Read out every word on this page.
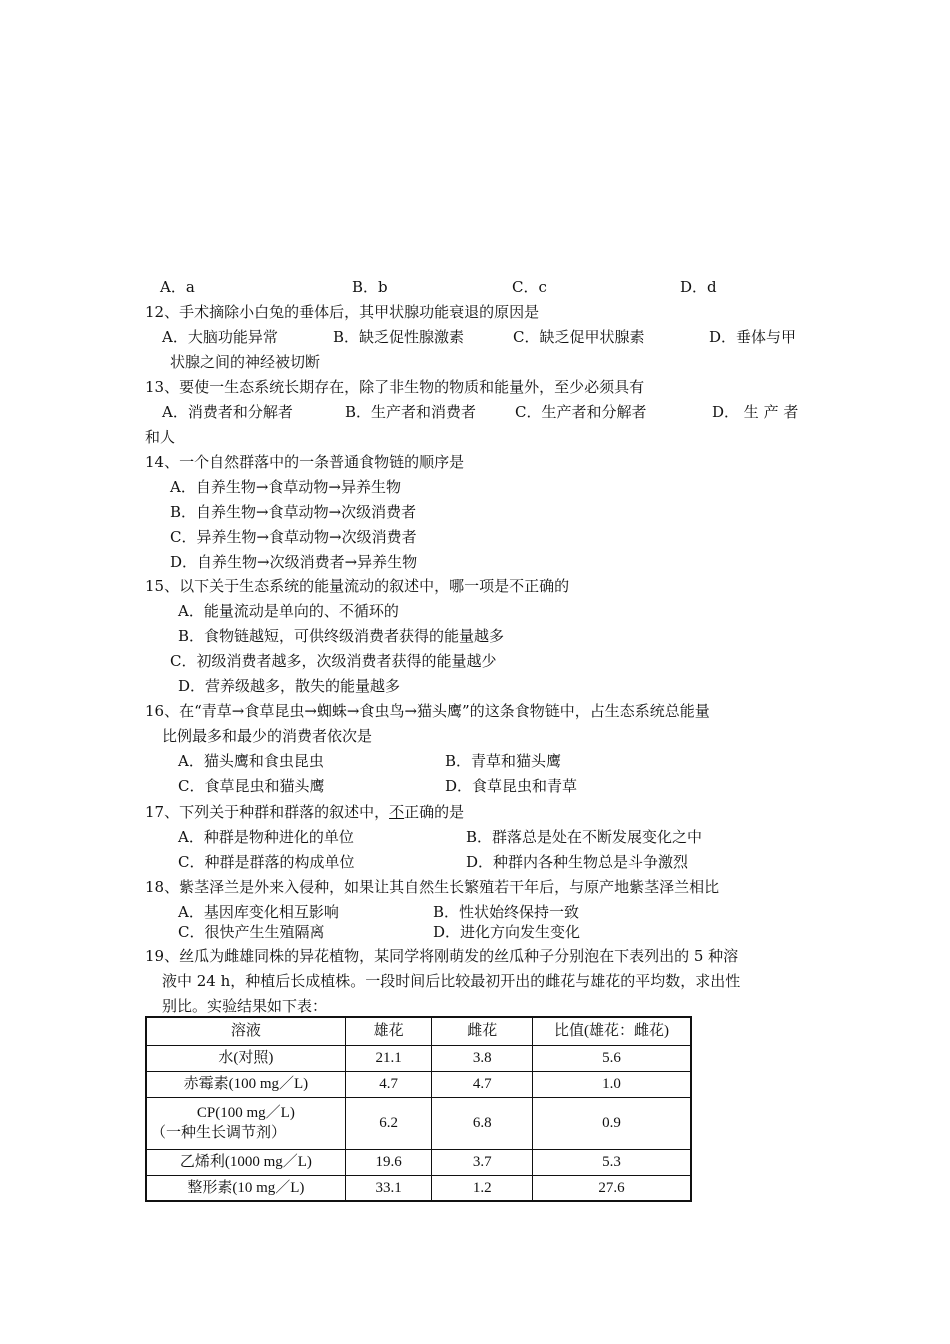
A．a	B．b	C．c	D．d
12、手术摘除小白兔的垂体后，其甲状腺功能衰退的原因是
A．大脑功能异常	B．缺乏促性腺激素	C．缺乏促甲状腺素	D．垂体与甲
状腺之间的神经被切断
13、要使一生态系统长期存在，除了非生物的物质和能量外，至少必须具有
A．消费者和分解者	B．生产者和消费者	C．生产者和分解者	D． 生 产 者
和人
14、一个自然群落中的一条普通食物链的顺序是
A．自养生物→食草动物→异养生物
B．自养生物→食草动物→次级消费者
C．异养生物→食草动物→次级消费者
D．自养生物→次级消费者→异养生物
15、以下关于生态系统的能量流动的叙述中，哪一项是不正确的
A．能量流动是单向的、不循环的
B．食物链越短，可供终级消费者获得的能量越多
C．初级消费者越多，次级消费者获得的能量越少
D．营养级越多，散失的能量越多
16、在“青草→食草昆虫→蜘蛛→食虫鸟→猫头鹰”的这条食物链中，占生态系统总能量
比例最多和最少的消费者依次是
A．猫头鹰和食虫昆虫	B．青草和猫头鹰
C．食草昆虫和猫头鹰	D．食草昆虫和青草
17、下列关于种群和群落的叙述中，不正确的是
A．种群是物种进化的单位	B．群落总是处在不断发展变化之中
C．种群是群落的构成单位	D．种群内各种生物总是斗争激烈
18、紫茎泽兰是外来入侵种，如果让其自然生长繁殖若干年后，与原产地紫茎泽兰相比
A．基因库变化相互影响	B．性状始终保持一致
C．很快产生生殖隔离	D．进化方向发生变化
19、丝瓜为雌雄同株的异花植物，某同学将刚萌发的丝瓜种子分别泡在下表列出的 5 种溶
液中 24 h，种植后长成植株。一段时间后比较最初开出的雌花与雄花的平均数，求出性
别比。实验结果如下表：
溶液	雄花	雌花	比值(雄花：雌花)
水(对照)	21.1	3.8	5.6
赤霉素(100 mg／L)	4.7	4.7	1.0

CP(100 mg／L)
（一种生长调节剂）	6.2	6.8	0.9
乙烯利(1000 mg／L)	19.6	3.7	5.3
整形素(10 mg／L)	33.1	1.2	27.6
